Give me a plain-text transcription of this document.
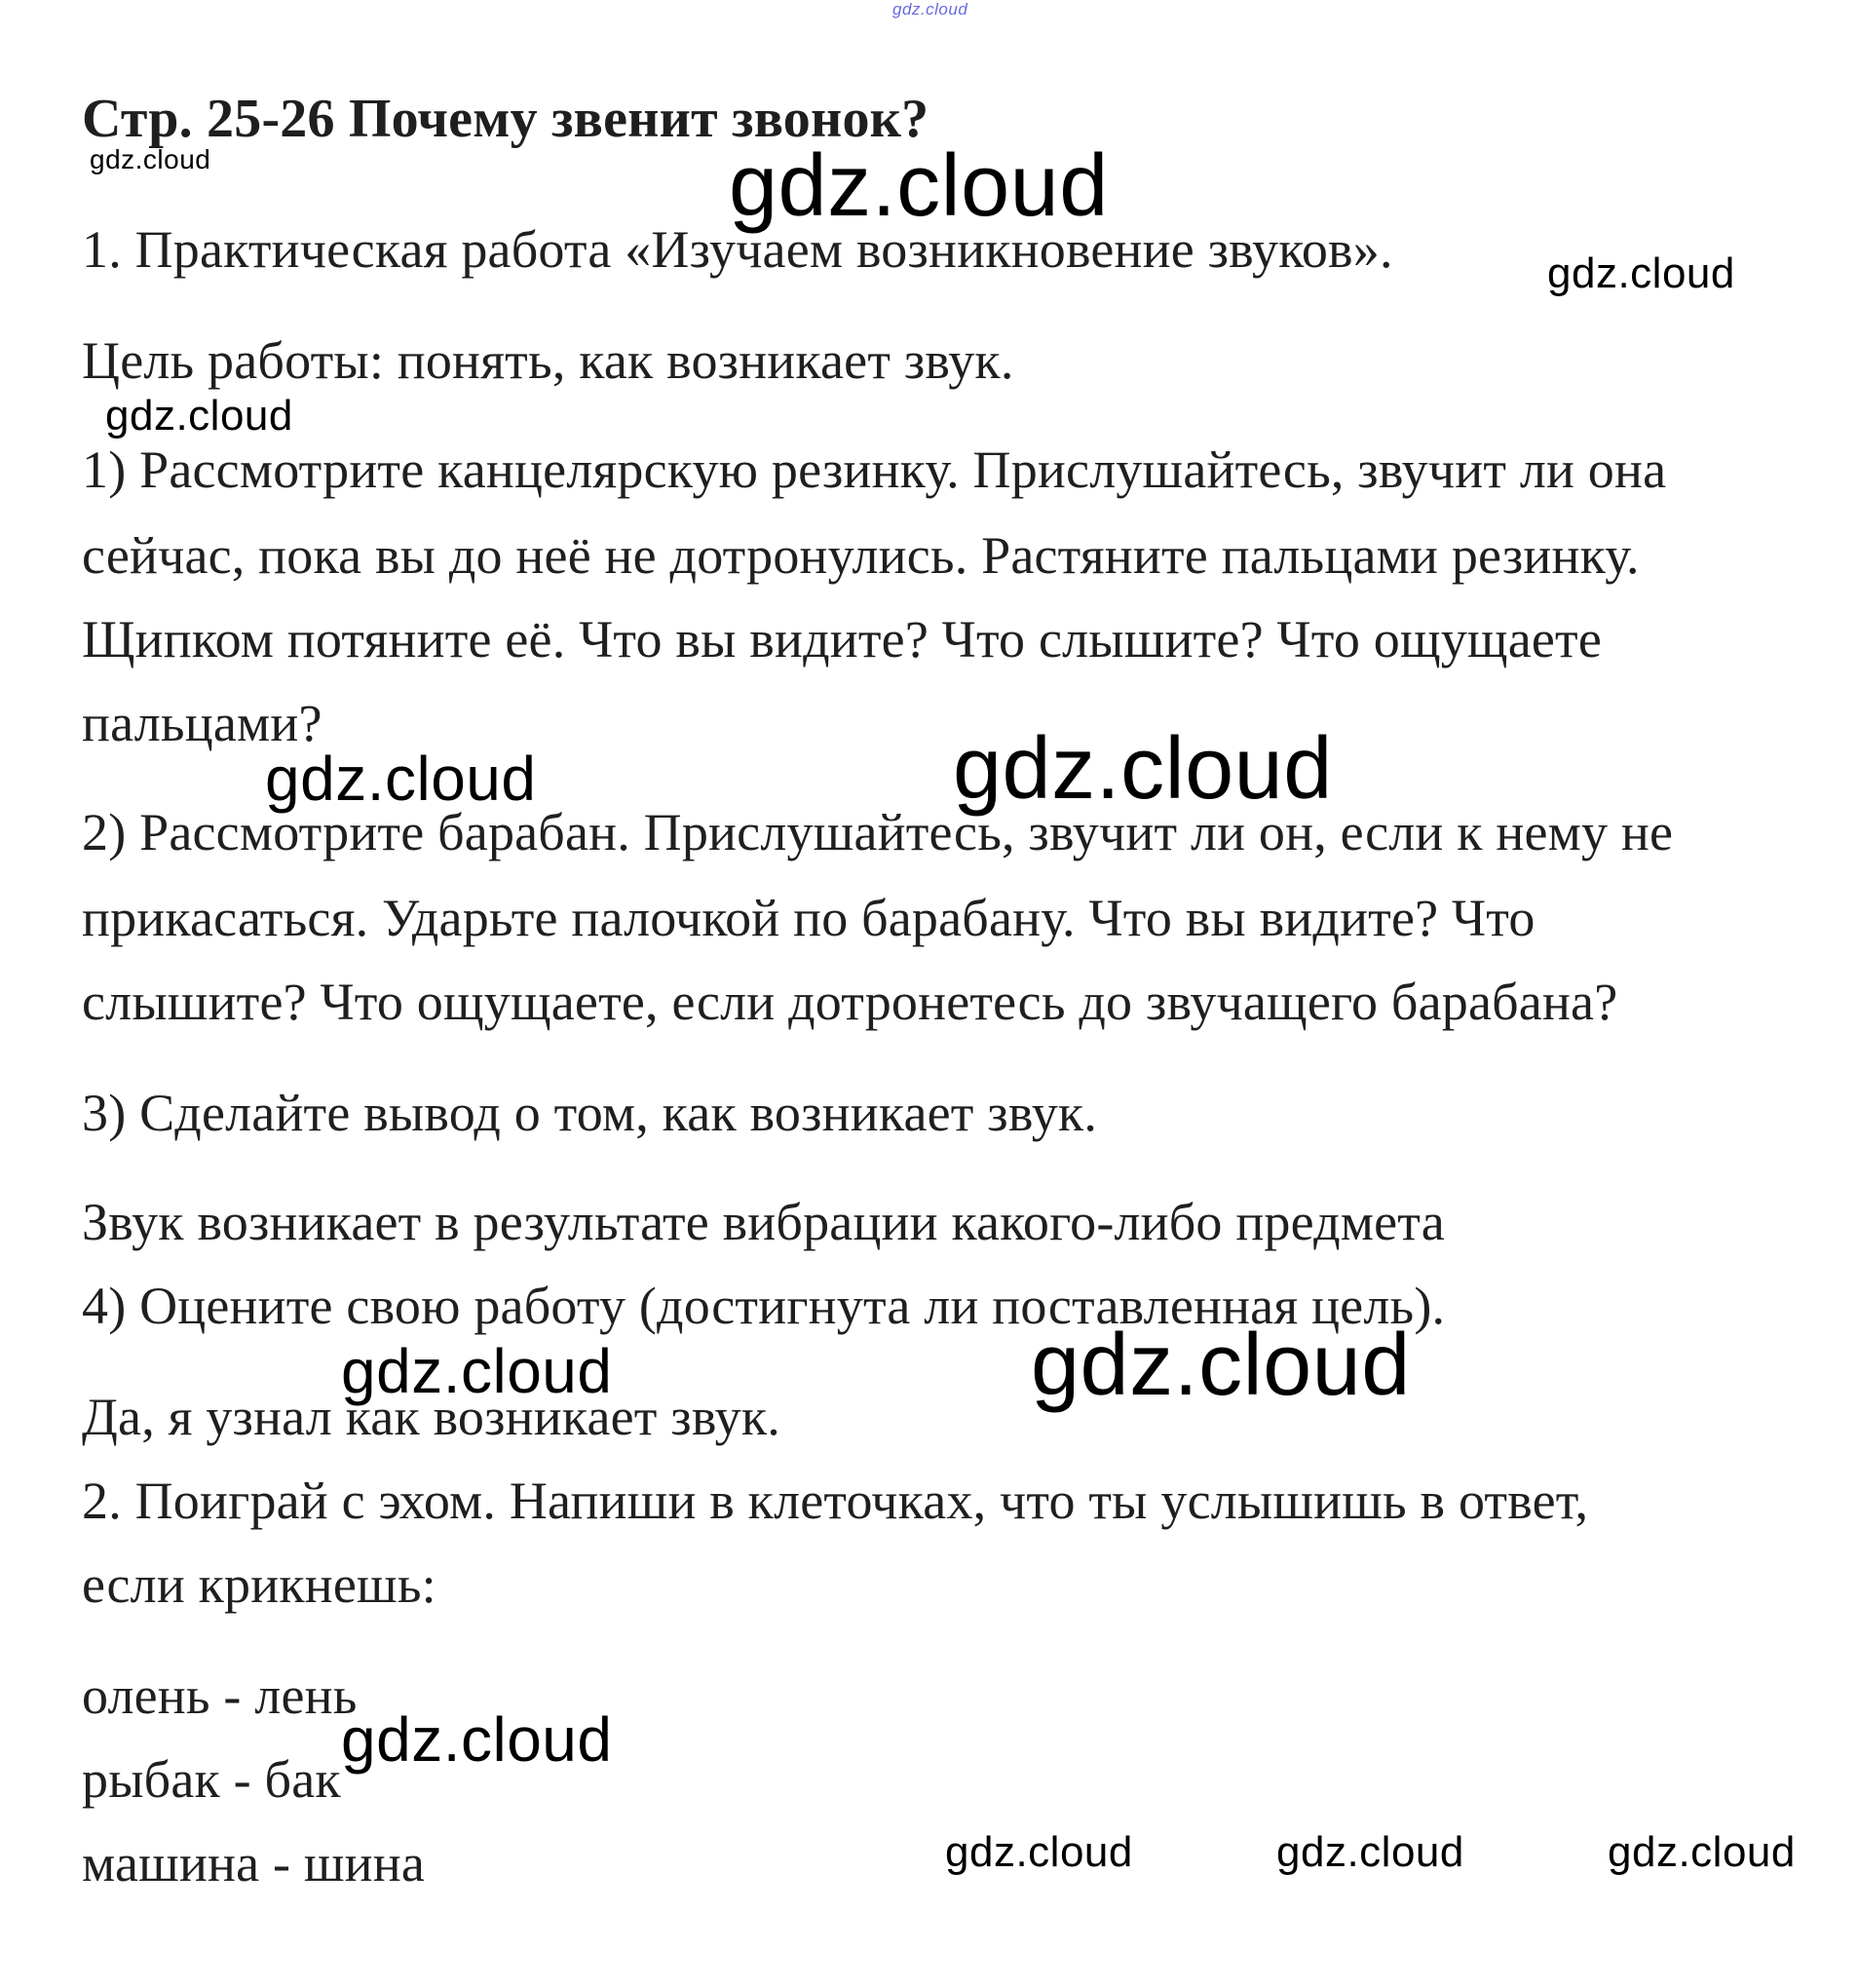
gdz.cloud
gdz.cloud	gdz.cloud
gdz.cloud
gdz.cloud
gdz.cloud	gdz.cloud
gdz.cloud	gdz.cloud
gdz.cloud
gdz.cloud	gdz.cloud	gdz.cloud
Стр. 25-26 Почему звенит звонок?
1. Практическая работа «Изучаем возникновение звуков».
Цель работы: понять, как возникает звук.
1) Рассмотрите канцелярскую резинку. Прислушайтесь, звучит ли она
сейчас, пока вы до неё не дотронулись. Растяните пальцами резинку.
Щипком потяните её. Что вы видите? Что слышите? Что ощущаете
пальцами?
2) Рассмотрите барабан. Прислушайтесь, звучит ли он, если к нему не
прикасаться. Ударьте палочкой по барабану. Что вы видите? Что
слышите? Что ощущаете, если дотронетесь до звучащего барабана?
3) Сделайте вывод о том, как возникает звук.
Звук возникает в результате вибрации какого-либо предмета
4) Оцените свою работу (достигнута ли поставленная цель).
Да, я узнал как возникает звук.
2. Поиграй с эхом. Напиши в клеточках, что ты услышишь в ответ,
если крикнешь:
олень - лень
рыбак - бак
машина - шина
